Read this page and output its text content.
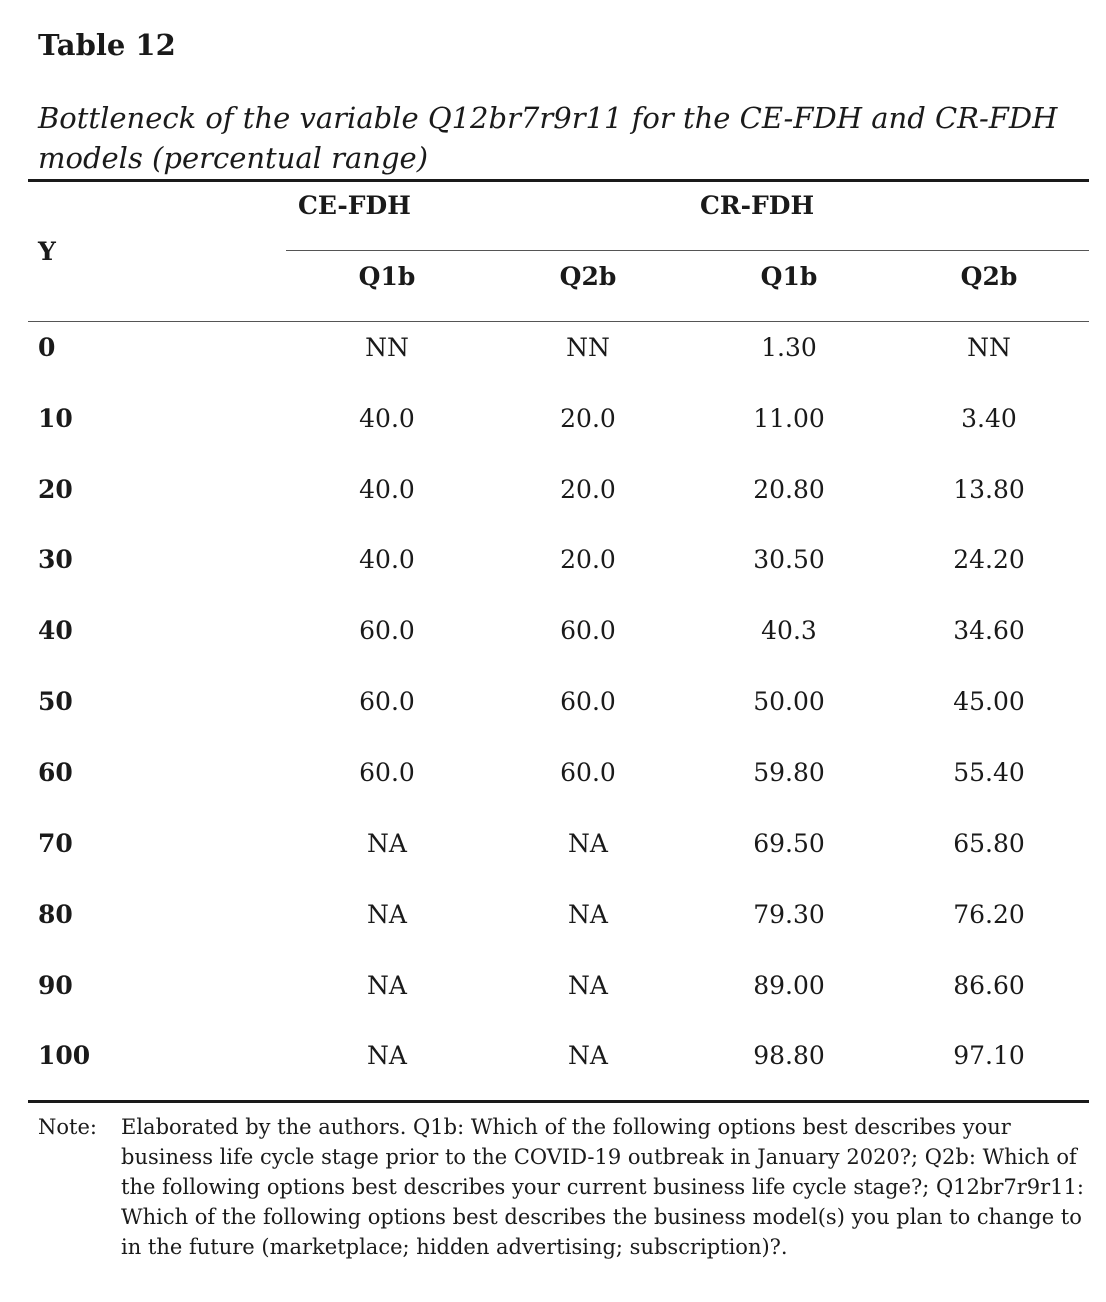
Table 12
Bottleneck of the variable Q12br7r9r11 for the CE-FDH and CR-FDH models (percentual range)
Y
CE-FDH	CR-FDH
Q1b	Q2b	Q1b	Q2b
0	NN	NN	1.30	NN
10	40.0	20.0	11.00	3.40
20	40.0	20.0	20.80	13.80
30	40.0	20.0	30.50	24.20
40	60.0	60.0	40.3	34.60
50	60.0	60.0	50.00	45.00
60	60.0	60.0	59.80	55.40
70	NA	NA	69.50	65.80
80	NA	NA	79.30	76.20
90	NA	NA	89.00	86.60
100	NA	NA	98.80	97.10
Note: Elaborated by the authors. Q1b: Which of the following options best describes your business life cycle stage prior to the COVID-19 outbreak in January 2020?; Q2b: Which of the following options best describes your current business life cycle stage?; Q12br7r9r11: Which of the following options best describes the business model(s) you plan to change to in the future (marketplace; hidden advertising; subscription)?.
